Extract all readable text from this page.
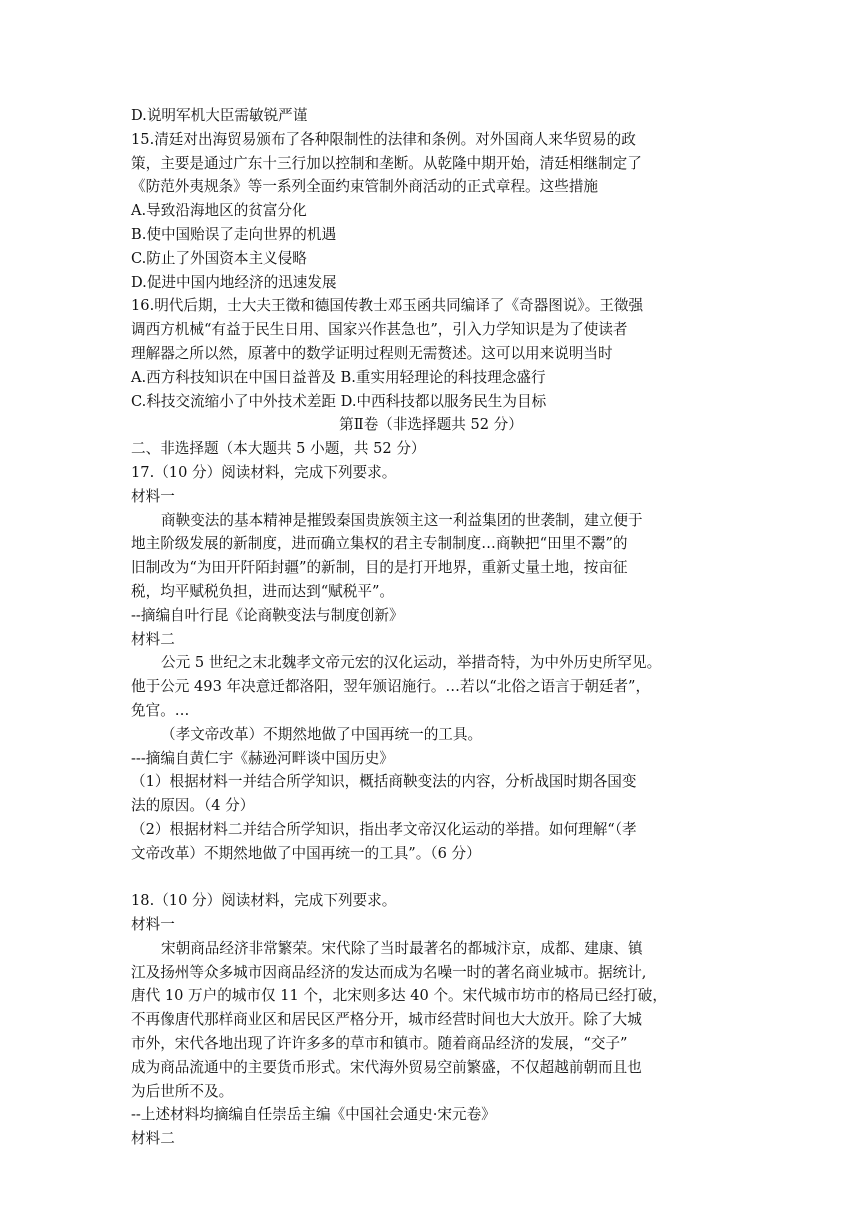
D.说明军机大臣需敏锐严谨
15.清廷对出海贸易颁布了各种限制性的法律和条例。对外国商人来华贸易的政
策，主要是通过广东十三行加以控制和垄断。从乾隆中期开始，清廷相继制定了
《防范外夷规条》等一系列全面约束管制外商活动的正式章程。这些措施
A.导致沿海地区的贫富分化
B.使中国贻误了走向世界的机遇
C.防止了外国资本主义侵略
D.促进中国内地经济的迅速发展
16.明代后期，士大夫王徵和德国传教士邓玉函共同编译了《奇器图说》。王徵强
调西方机械“有益于民生日用、国家兴作甚急也”，引入力学知识是为了使读者
理解器之所以然，原著中的数学证明过程则无需赘述。这可以用来说明当时
A.西方科技知识在中国日益普及 B.重实用轻理论的科技理念盛行
C.科技交流缩小了中外技术差距 D.中西科技都以服务民生为目标
第Ⅱ卷（非选择题共 52 分）
二、非选择题（本大题共 5 小题，共 52 分）
17.（10 分）阅读材料，完成下列要求。
材料一
商鞅变法的基本精神是摧毁秦国贵族领主这一利益集团的世袭制，建立便于
地主阶级发展的新制度，进而确立集权的君主专制制度…商鞅把“田里不鬻”的
旧制改为“为田开阡陌封疆”的新制，目的是打开地界，重新丈量土地，按亩征
税，均平赋税负担，进而达到“赋税平”。
--摘编自叶行昆《论商鞅变法与制度创新》
材料二
公元 5 世纪之末北魏孝文帝元宏的汉化运动，举措奇特，为中外历史所罕见。
他于公元 493 年决意迁都洛阳，翌年颁诏施行。…若以“北俗之语言于朝廷者”，
免官。…
（孝文帝改革）不期然地做了中国再统一的工具。
---摘编自黄仁宇《赫逊河畔谈中国历史》
（1）根据材料一并结合所学知识，概括商鞅变法的内容，分析战国时期各国变
法的原因。（4 分）
（2）根据材料二并结合所学知识，指出孝文帝汉化运动的举措。如何理解“（孝
文帝改革）不期然地做了中国再统一的工具”。（6 分）
18.（10 分）阅读材料，完成下列要求。
材料一
宋朝商品经济非常繁荣。宋代除了当时最著名的都城汴京，成都、建康、镇
江及扬州等众多城市因商品经济的发达而成为名噪一时的著名商业城市。据统计,
唐代 10 万户的城市仅 11 个，北宋则多达 40 个。宋代城市坊市的格局已经打破，
不再像唐代那样商业区和居民区严格分开，城市经营时间也大大放开。除了大城
市外，宋代各地出现了许许多多的草市和镇市。随着商品经济的发展，“交子”
成为商品流通中的主要货币形式。宋代海外贸易空前繁盛，不仅超越前朝而且也
为后世所不及。
--上述材料均摘编自任崇岳主编《中国社会通史·宋元卷》
材料二
